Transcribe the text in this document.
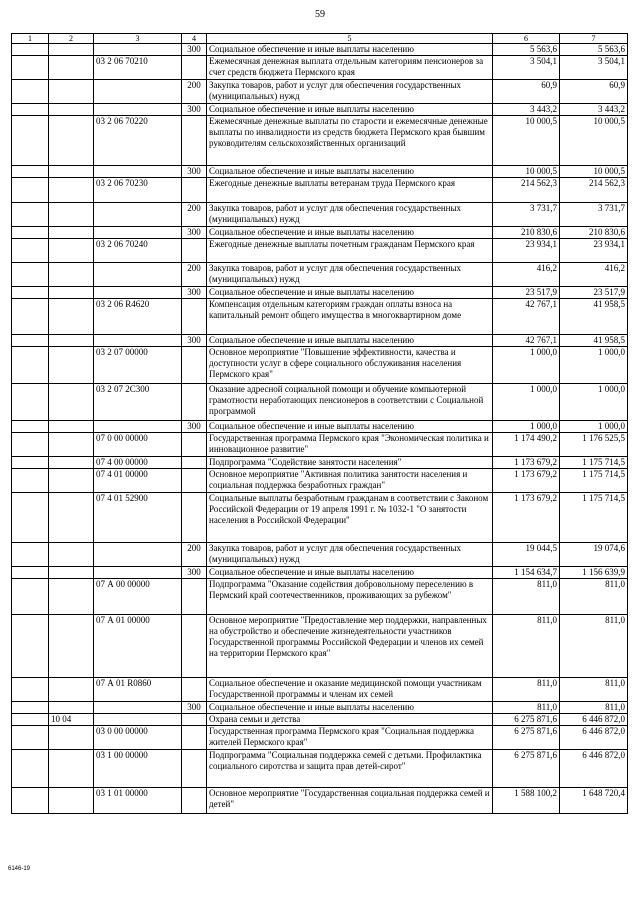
59
1	2	3	4	5	6	7
			300	Социальное обеспечение и иные выплаты населению	5 563,6	5 563,6
		03 2 06 70210		Ежемесячная денежная выплата отдельным категориям пенсионеров за счет средств бюджета Пермского края	3 504,1	3 504,1
			200	Закупка товаров, работ и услуг для обеспечения государственных (муниципальных) нужд	60,9	60,9
			300	Социальное обеспечение и иные выплаты населению	3 443,2	3 443,2
		03 2 06 70220		Ежемесячные денежные выплаты по старости и ежемесячные денежные выплаты по инвалидности из средств бюджета Пермского края бывшим руководителям сельскохозяйственных организаций	10 000,5	10 000,5
			300	Социальное обеспечение и иные выплаты населению	10 000,5	10 000,5
		03 2 06 70230		Ежегодные денежные выплаты ветеранам труда Пермского края	214 562,3	214 562,3
			200	Закупка товаров, работ и услуг для обеспечения государственных (муниципальных) нужд	3 731,7	3 731,7
			300	Социальное обеспечение и иные выплаты населению	210 830,6	210 830,6
		03 2 06 70240		Ежегодные денежные выплаты почетным гражданам Пермского края	23 934,1	23 934,1
			200	Закупка товаров, работ и услуг для обеспечения государственных (муниципальных) нужд	416,2	416,2
			300	Социальное обеспечение и иные выплаты населению	23 517,9	23 517,9
		03 2 06 R4620		Компенсация отдельным категориям граждан оплаты взноса на капитальный ремонт общего имущества в многоквартирном доме	42 767,1	41 958,5
			300	Социальное обеспечение и иные выплаты населению	42 767,1	41 958,5
		03 2 07 00000		Основное мероприятие "Повышение эффективности, качества и доступности услуг в сфере социального обслуживания населения Пермского края"	1 000,0	1 000,0
		03 2 07 2С300		Оказание адресной социальной помощи и обучение компьютерной грамотности неработающих пенсионеров в соответствии с Социальной программой	1 000,0	1 000,0
			300	Социальное обеспечение и иные выплаты населению	1 000,0	1 000,0
		07 0 00 00000		Государственная программа Пермского края "Экономическая политика и инновационное развитие"	1 174 490,2	1 176 525,5
		07 4 00 00000		Подпрограмма "Содействие занятости населения"	1 173 679,2	1 175 714,5
		07 4 01 00000		Основное мероприятие "Активная политика занятости населения и социальная поддержка безработных граждан"	1 173 679,2	1 175 714,5
		07 4 01 52900		Социальные выплаты безработным гражданам в соответствии с Законом Российской Федерации от 19 апреля 1991 г. № 1032-1 "О занятости населения в Российской Федерации"	1 173 679,2	1 175 714,5
			200	Закупка товаров, работ и услуг для обеспечения государственных (муниципальных) нужд	19 044,5	19 074,6
			300	Социальное обеспечение и иные выплаты населению	1 154 634,7	1 156 639,9
		07 А 00 00000		Подпрограмма "Оказание содействия добровольному переселению в Пермский край соотечественников, проживающих за рубежом"	811,0	811,0
		07 А 01 00000		Основное мероприятие "Предоставление мер поддержки, направленных на обустройство и обеспечение жизнедеятельности участников Государственной программы Российской Федерации и членов их семей на территории Пермского края"	811,0	811,0
		07 А 01 R0860		Социальное обеспечение и оказание медицинской помощи участникам Государственной программы и членам их семей	811,0	811,0
			300	Социальное обеспечение и иные выплаты населению	811,0	811,0
	10 04			Охрана семьи и детства	6 275 871,6	6 446 872,0
		03 0 00 00000		Государственная программа Пермского края "Социальная поддержка жителей Пермского края"	6 275 871,6	6 446 872,0
		03 1 00 00000		Подпрограмма "Социальная поддержка семей с детьми. Профилактика социального сиротства и защита прав детей-сирот"	6 275 871,6	6 446 872,0
		03 1 01 00000		Основное мероприятие "Государственная социальная поддержка семей и детей"	1 588 100,2	1 648 720,4
6146-19
